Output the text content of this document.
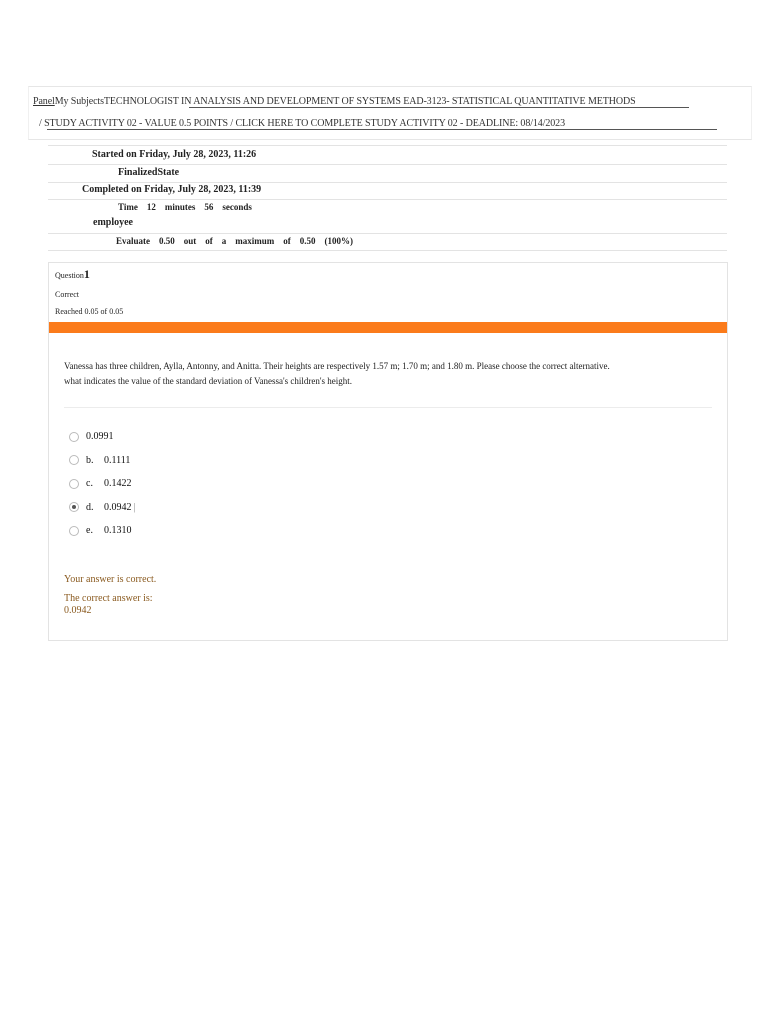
PanelMy SubjectsTECHNOLOGIST IN ANALYSIS AND DEVELOPMENT OF SYSTEMS EAD-3123- STATISTICAL QUANTITATIVE METHODS
/ STUDY ACTIVITY 02 - VALUE 0.5 POINTS / CLICK HERE TO COMPLETE STUDY ACTIVITY 02 - DEADLINE: 08/14/2023
Started on Friday, July 28, 2023, 11:26
FinalizedState
Completed on Friday, July 28, 2023, 11:39
Time    12    minutes    56    seconds
employee
Evaluate    0.50    out    of    a    maximum    of    0.50    (100%)
Question1
Correct
Reached 0.05 of 0.05
Vanessa has three children, Aylla, Antonny, and Anitta. Their heights are respectively 1.57 m; 1.70 m; and 1.80 m. Please choose the correct alternative.
what indicates the value of the standard deviation of Vanessa's children's height.
0.0991
b.	0.1111
c.	0.1422
d.	0.0942 |
e.	0.1310
Your answer is correct.
The correct answer is:
0.0942
